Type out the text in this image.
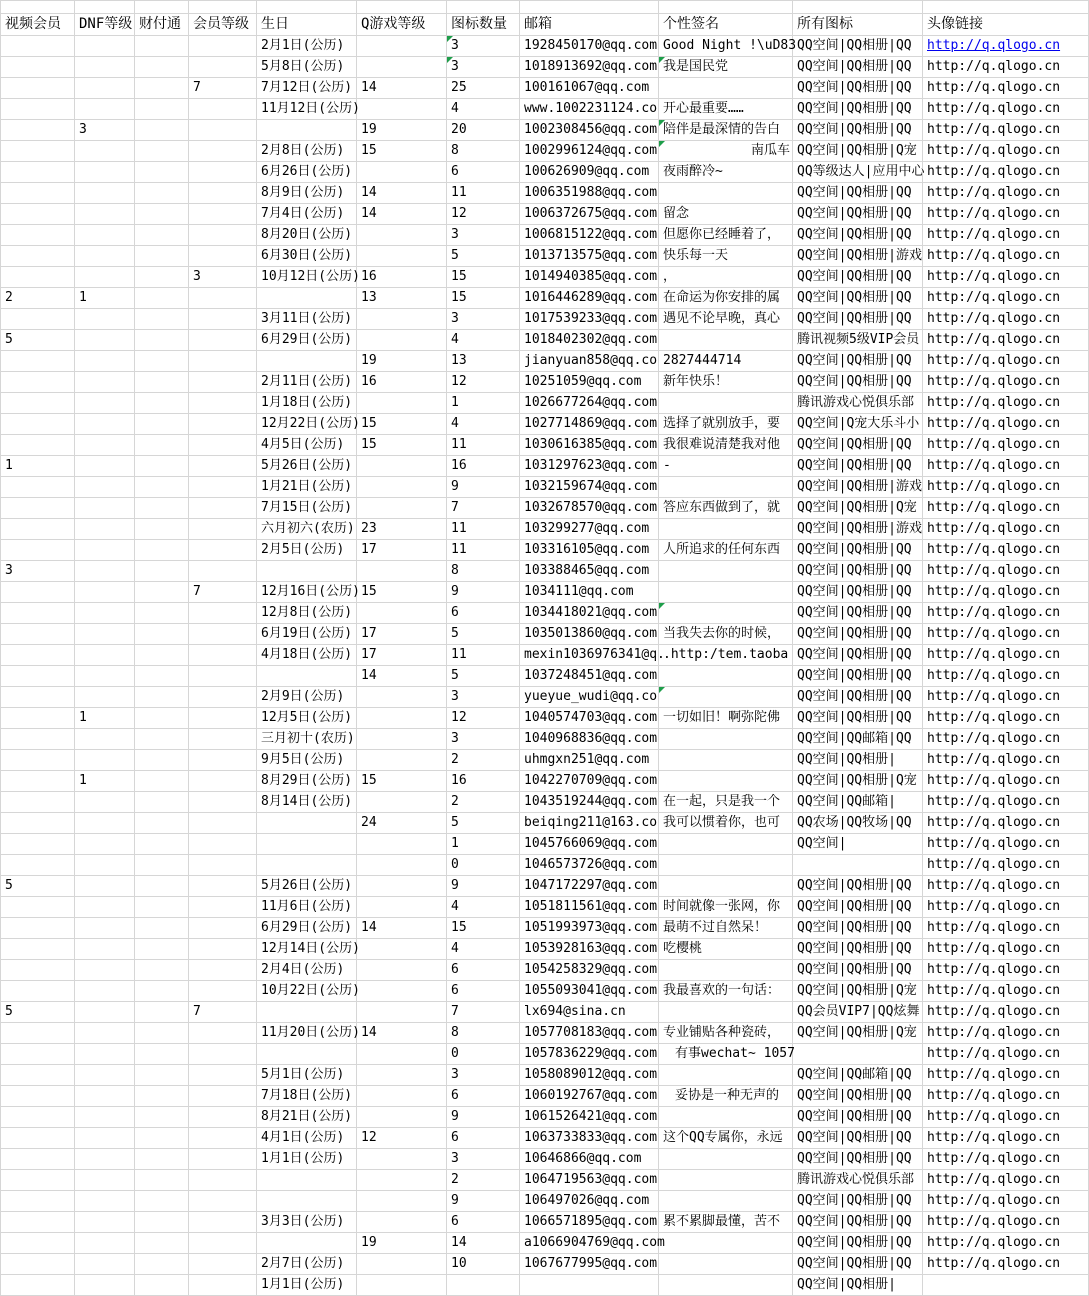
视频会员	DNF等级	财付通	会员等级	生日	Q游戏等级	图标数量	邮箱	个性签名	所有图标	头像链接
				2月1日(公历)		3	1928450170@qq.com	Good Night !\uD83	QQ空间|QQ相册|QQ	http://q.qlogo.cn
				5月8日(公历)		3	1018913692@qq.com	我是国民党	QQ空间|QQ相册|QQ	http://q.qlogo.cn
			7	7月12日(公历)	14	25	100161067@qq.com		QQ空间|QQ相册|QQ	http://q.qlogo.cn
				11月12日(公历)		4	www.1002231124.co	开心最重要……	QQ空间|QQ相册|QQ	http://q.qlogo.cn
	3				19	20	1002308456@qq.com	陪伴是最深情的告白	QQ空间|QQ相册|QQ	http://q.qlogo.cn
				2月8日(公历)	15	8	1002996124@qq.com	南瓜车	QQ空间|QQ相册|Q宠	http://q.qlogo.cn
				6月26日(公历)		6	100626909@qq.com	夜雨醉冷~	QQ等级达人|应用中心	http://q.qlogo.cn
				8月9日(公历)	14	11	1006351988@qq.com		QQ空间|QQ相册|QQ	http://q.qlogo.cn
				7月4日(公历)	14	12	1006372675@qq.com	留念	QQ空间|QQ相册|QQ	http://q.qlogo.cn
				8月20日(公历)		3	1006815122@qq.com	但愿你已经睡着了，	QQ空间|QQ相册|QQ	http://q.qlogo.cn
				6月30日(公历)		5	1013713575@qq.com	快乐每一天	QQ空间|QQ相册|游戏	http://q.qlogo.cn
			3	10月12日(公历)	16	15	1014940385@qq.com	，	QQ空间|QQ相册|QQ	http://q.qlogo.cn
2	1				13	15	1016446289@qq.com	在命运为你安排的属	QQ空间|QQ相册|QQ	http://q.qlogo.cn
				3月11日(公历)		3	1017539233@qq.com	遇见不论早晚，真心	QQ空间|QQ相册|QQ	http://q.qlogo.cn
5				6月29日(公历)		4	1018402302@qq.com		腾讯视频5级VIP会员	http://q.qlogo.cn
					19	13	jianyuan858@qq.co	2827444714	QQ空间|QQ相册|QQ	http://q.qlogo.cn
				2月11日(公历)	16	12	10251059@qq.com	新年快乐！	QQ空间|QQ相册|QQ	http://q.qlogo.cn
				1月18日(公历)		1	1026677264@qq.com		腾讯游戏心悦俱乐部	http://q.qlogo.cn
				12月22日(公历)	15	4	1027714869@qq.com	选择了就别放手，要	QQ空间|Q宠大乐斗小	http://q.qlogo.cn
				4月5日(公历)	15	11	1030616385@qq.com	我很难说清楚我对他	QQ空间|QQ相册|QQ	http://q.qlogo.cn
1				5月26日(公历)		16	1031297623@qq.com	-	QQ空间|QQ相册|QQ	http://q.qlogo.cn
				1月21日(公历)		9	1032159674@qq.com		QQ空间|QQ相册|游戏	http://q.qlogo.cn
				7月15日(公历)		7	1032678570@qq.com	答应东西做到了，就	QQ空间|QQ相册|Q宠	http://q.qlogo.cn
				六月初六(农历)	23	11	103299277@qq.com		QQ空间|QQ相册|游戏	http://q.qlogo.cn
				2月5日(公历)	17	11	103316105@qq.com	人所追求的任何东西	QQ空间|QQ相册|QQ	http://q.qlogo.cn
3						8	103388465@qq.com		QQ空间|QQ相册|QQ	http://q.qlogo.cn
			7	12月16日(公历)	15	9	1034111@qq.com		QQ空间|QQ相册|QQ	http://q.qlogo.cn
				12月8日(公历)		6	1034418021@qq.com		QQ空间|QQ相册|QQ	http://q.qlogo.cn
				6月19日(公历)	17	5	1035013860@qq.com	当我失去你的时候，	QQ空间|QQ相册|QQ	http://q.qlogo.cn
				4月18日(公历)	17	11	mexin1036976341@q.	.http:/tem.taoba	QQ空间|QQ相册|QQ	http://q.qlogo.cn
					14	5	1037248451@qq.com		QQ空间|QQ相册|QQ	http://q.qlogo.cn
				2月9日(公历)		3	yueyue_wudi@qq.co		QQ空间|QQ相册|QQ	http://q.qlogo.cn
	1			12月5日(公历)		12	1040574703@qq.com	一切如旧！啊弥陀佛	QQ空间|QQ相册|QQ	http://q.qlogo.cn
				三月初十(农历)		3	1040968836@qq.com		QQ空间|QQ邮箱|QQ	http://q.qlogo.cn
				9月5日(公历)		2	uhmgxn251@qq.com		QQ空间|QQ相册|	http://q.qlogo.cn
	1			8月29日(公历)	15	16	1042270709@qq.com		QQ空间|QQ相册|Q宠	http://q.qlogo.cn
				8月14日(公历)		2	1043519244@qq.com	在一起，只是我一个	QQ空间|QQ邮箱|	http://q.qlogo.cn
					24	5	beiqing211@163.co	我可以惯着你，也可	QQ农场|QQ牧场|QQ	http://q.qlogo.cn
						1	1045766069@qq.com		QQ空间|	http://q.qlogo.cn
						0	1046573726@qq.com			http://q.qlogo.cn
5				5月26日(公历)		9	1047172297@qq.com		QQ空间|QQ相册|QQ	http://q.qlogo.cn
				11月6日(公历)		4	1051811561@qq.com	时间就像一张网，你	QQ空间|QQ相册|QQ	http://q.qlogo.cn
				6月29日(公历)	14	15	1051993973@qq.com	最萌不过自然呆！	QQ空间|QQ相册|QQ	http://q.qlogo.cn
				12月14日(公历)		4	1053928163@qq.com	吃樱桃	QQ空间|QQ相册|QQ	http://q.qlogo.cn
				2月4日(公历)		6	1054258329@qq.com		QQ空间|QQ相册|QQ	http://q.qlogo.cn
				10月22日(公历)		6	1055093041@qq.com	我最喜欢的一句话：	QQ空间|QQ相册|Q宠	http://q.qlogo.cn
5			7			7	lx694@sina.cn		QQ会员VIP7|QQ炫舞	http://q.qlogo.cn
				11月20日(公历)	14	8	1057708183@qq.com	专业铺贴各种瓷砖，	QQ空间|QQ相册|Q宠	http://q.qlogo.cn
						0	1057836229@qq.com	有事wechat~ 1057		http://q.qlogo.cn
				5月1日(公历)		3	1058089012@qq.com		QQ空间|QQ邮箱|QQ	http://q.qlogo.cn
				7月18日(公历)		6	1060192767@qq.com	妥协是一种无声的	QQ空间|QQ相册|QQ	http://q.qlogo.cn
				8月21日(公历)		9	1061526421@qq.com		QQ空间|QQ相册|QQ	http://q.qlogo.cn
				4月1日(公历)	12	6	1063733833@qq.com	这个QQ专属你，永远	QQ空间|QQ相册|QQ	http://q.qlogo.cn
				1月1日(公历)		3	10646866@qq.com		QQ空间|QQ相册|QQ	http://q.qlogo.cn
						2	1064719563@qq.com		腾讯游戏心悦俱乐部	http://q.qlogo.cn
						9	106497026@qq.com		QQ空间|QQ相册|QQ	http://q.qlogo.cn
				3月3日(公历)		6	1066571895@qq.com	累不累脚最懂，苦不	QQ空间|QQ相册|QQ	http://q.qlogo.cn
					19	14	a1066904769@qq.com		QQ空间|QQ相册|QQ	http://q.qlogo.cn
				2月7日(公历)		10	1067677995@qq.com		QQ空间|QQ相册|QQ	http://q.qlogo.cn
				1月1日(公历)					QQ空间|QQ相册|	
